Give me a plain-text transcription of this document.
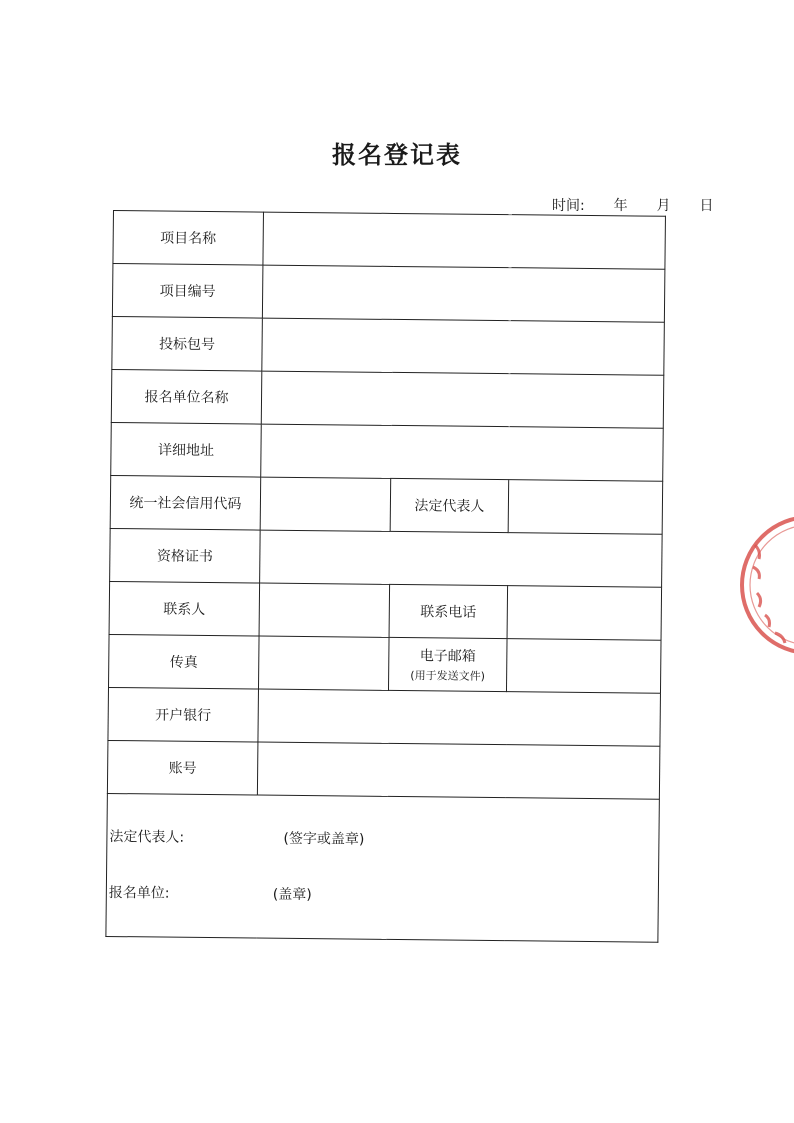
报名登记表
时间: 年 月 日
项目名称			
项目编号			
投标包号			
报名单位名称			
详细地址			
统一社会信用代码		法定代表人	
资格证书			
联系人		联系电话	
传真		电子邮箱
(用于发送文件)	

开户银行			
账号			

法定代表人: (签字或盖章)
报名单位: (盖章)			
